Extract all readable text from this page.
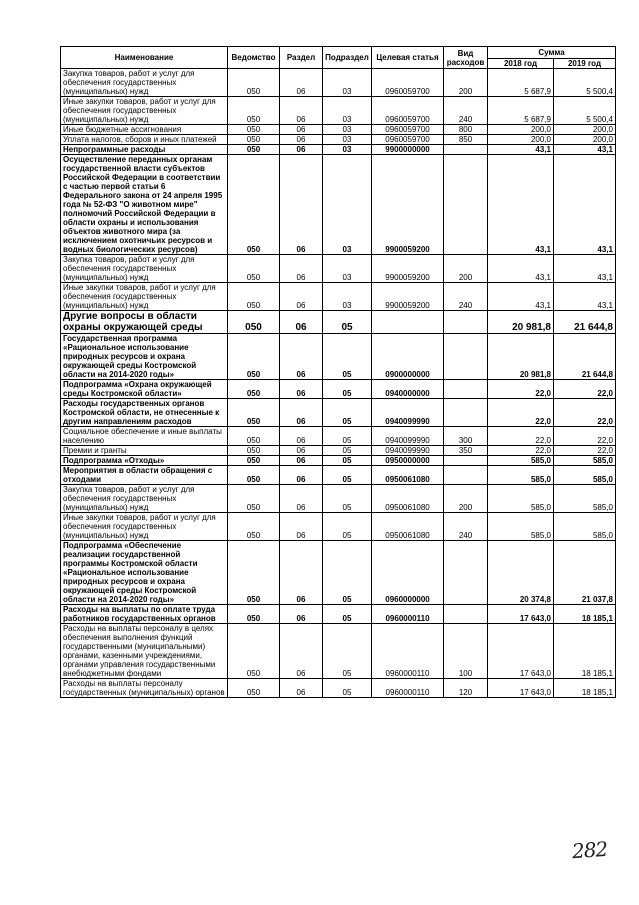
Наименование	Ведомство	Раздел	Подраздел	Целевая статья	Вид расходов	Сумма	
						2018 год	2019 год
Закупка товаров, работ и услуг для обеспечения государственных (муниципальных) нужд	050	06	03	0960059700	200	5 687,9	5 500,4
Иные закупки товаров, работ и услуг для обеспечения государственных (муниципальных) нужд	050	06	03	0960059700	240	5 687,9	5 500,4
Иные бюджетные ассигнования	050	06	03	0960059700	800	200,0	200,0
Уплата налогов, сборов и иных платежей	050	06	03	0960059700	850	200,0	200,0
Непрограммные расходы	050	06	03	9900000000		43,1	43,1
Осуществление переданных органам государственной власти субъектов Российской Федерации в соответствии с частью первой статьи 6 Федерального закона от 24 апреля 1995 года № 52-ФЗ "О животном мире" полномочий Российской Федерации в области охраны и использования объектов животного мира (за исключением охотничьих ресурсов и водных биологических ресурсов)	050	06	03	9900059200		43,1	43,1
Закупка товаров, работ и услуг для обеспечения государственных (муниципальных) нужд	050	06	03	9900059200	200	43,1	43,1
Иные закупки товаров, работ и услуг для обеспечения государственных (муниципальных) нужд	050	06	03	9900059200	240	43,1	43,1
Другие вопросы в области охраны окружающей среды	050	06	05			20 981,8	21 644,8
Государственная программа «Рациональное использование природных ресурсов и охрана окружающей среды Костромской области на 2014-2020 годы»	050	06	05	0900000000		20 981,8	21 644,8
Подпрограмма «Охрана окружающей среды Костромской области»	050	06	05	0940000000		22,0	22,0
Расходы государственных органов Костромской области, не отнесенные к другим направлениям расходов	050	06	05	0940099990		22,0	22,0
Социальное обеспечение и иные выплаты населению	050	06	05	0940099990	300	22,0	22,0
Премии и гранты	050	06	05	0940099990	350	22,0	22,0
Подпрограмма «Отходы»	050	06	05	0950000000		585,0	585,0
Мероприятия в области обращения с отходами	050	06	05	0950061080		585,0	585,0
Закупка товаров, работ и услуг для обеспечения государственных (муниципальных) нужд	050	06	05	0950061080	200	585,0	585,0
Иные закупки товаров, работ и услуг для обеспечения государственных (муниципальных) нужд	050	06	05	0950061080	240	585,0	585,0
Подпрограмма «Обеспечение реализации государственной программы Костромской области «Рациональное использование природных ресурсов и охрана окружающей среды Костромской области на 2014-2020 годы»	050	06	05	0960000000		20 374,8	21 037,8
Расходы на выплаты по оплате труда работников государственных органов	050	06	05	0960000110		17 643,0	18 185,1
Расходы на выплаты персоналу в целях обеспечения выполнения функций государственными (муниципальными) органами, казенными учреждениями, органами управления государственными внебюджетными фондами	050	06	05	0960000110	100	17 643,0	18 185,1
Расходы на выплаты персоналу государственных (муниципальных) органов	050	06	05	0960000110	120	17 643,0	18 185,1
282
